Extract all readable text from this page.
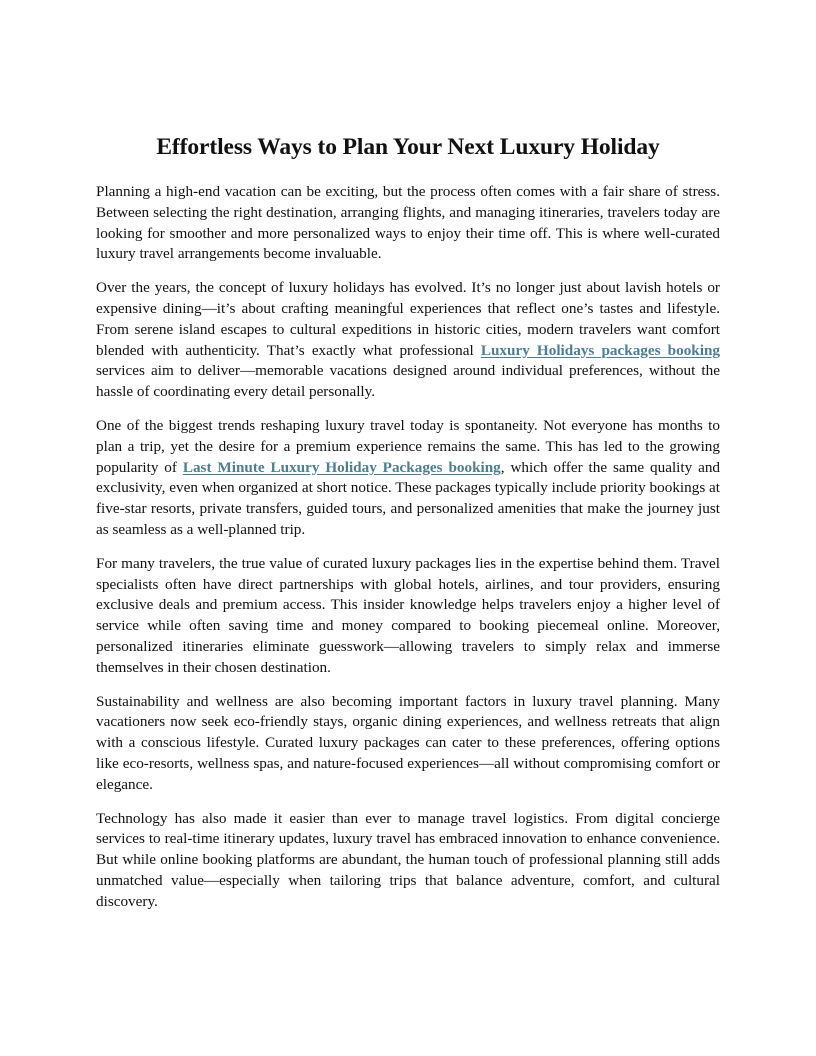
Effortless Ways to Plan Your Next Luxury Holiday

Planning a high-end vacation can be exciting, but the process often comes with a fair share of stress. Between selecting the right destination, arranging flights, and managing itineraries, travelers today are looking for smoother and more personalized ways to enjoy their time off. This is where well-curated luxury travel arrangements become invaluable.

Over the years, the concept of luxury holidays has evolved. It’s no longer just about lavish hotels or expensive dining—it’s about crafting meaningful experiences that reflect one’s tastes and lifestyle. From serene island escapes to cultural expeditions in historic cities, modern travelers want comfort blended with authenticity. That’s exactly what professional Luxury Holidays packages booking services aim to deliver—memorable vacations designed around individual preferences, without the hassle of coordinating every detail personally.

One of the biggest trends reshaping luxury travel today is spontaneity. Not everyone has months to plan a trip, yet the desire for a premium experience remains the same. This has led to the growing popularity of Last Minute Luxury Holiday Packages booking, which offer the same quality and exclusivity, even when organized at short notice. These packages typically include priority bookings at five-star resorts, private transfers, guided tours, and personalized amenities that make the journey just as seamless as a well-planned trip.

For many travelers, the true value of curated luxury packages lies in the expertise behind them. Travel specialists often have direct partnerships with global hotels, airlines, and tour providers, ensuring exclusive deals and premium access. This insider knowledge helps travelers enjoy a higher level of service while often saving time and money compared to booking piecemeal online. Moreover, personalized itineraries eliminate guesswork—allowing travelers to simply relax and immerse themselves in their chosen destination.

Sustainability and wellness are also becoming important factors in luxury travel planning. Many vacationers now seek eco-friendly stays, organic dining experiences, and wellness retreats that align with a conscious lifestyle. Curated luxury packages can cater to these preferences, offering options like eco-resorts, wellness spas, and nature-focused experiences—all without compromising comfort or elegance.

Technology has also made it easier than ever to manage travel logistics. From digital concierge services to real-time itinerary updates, luxury travel has embraced innovation to enhance convenience. But while online booking platforms are abundant, the human touch of professional planning still adds unmatched value—especially when tailoring trips that balance adventure, comfort, and cultural discovery.
